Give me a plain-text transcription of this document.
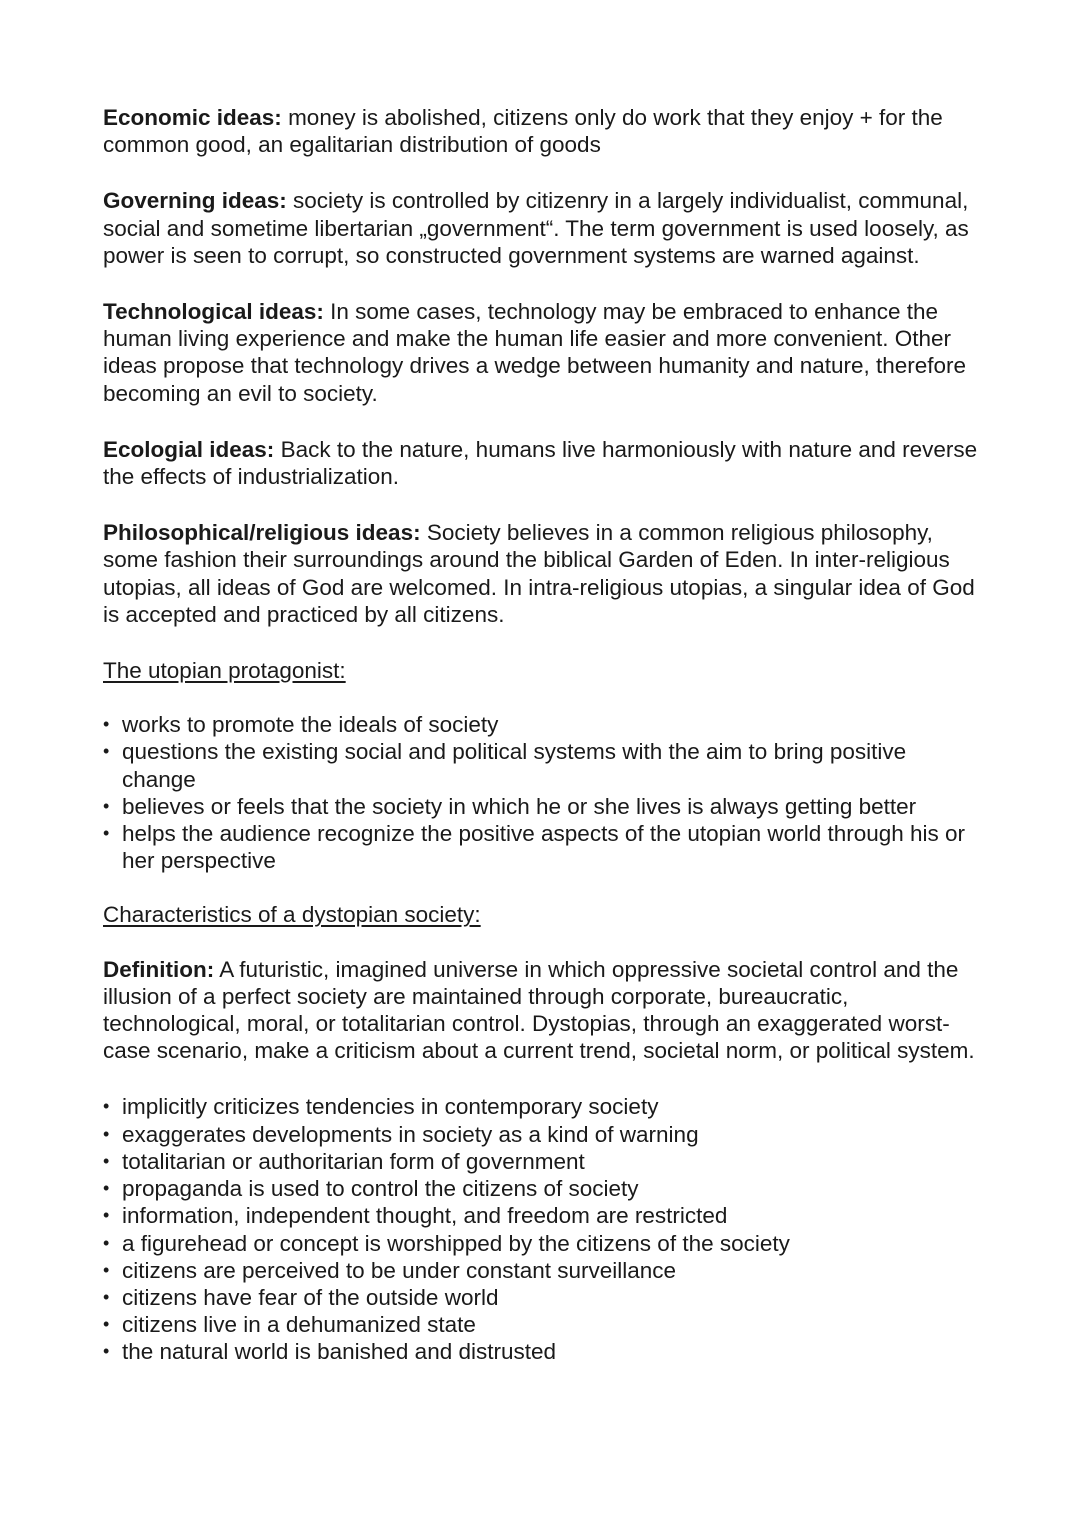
Economic ideas: money is abolished, citizens only do work that they enjoy + for the common good, an egalitarian distribution of goods

Governing ideas: society is controlled by citizenry in a largely individualist, communal, social and sometime libertarian „government“. The term government is used loosely, as power is seen to corrupt, so constructed government systems are warned against.

Technological ideas: In some cases, technology may be embraced to enhance the human living experience and make the human life easier and more convenient. Other ideas propose that technology drives a wedge between humanity and nature, therefore becoming an evil to society.

Ecologial ideas: Back to the nature, humans live harmoniously with nature and reverse the effects of industrialization.

Philosophical/religious ideas: Society believes in a common religious philosophy, some fashion their surroundings around the biblical Garden of Eden. In inter-religious utopias, all ideas of God are welcomed. In intra-religious utopias, a singular idea of God is accepted and practiced by all citizens.

The utopian protagonist:

• works to promote the ideals of society
• questions the existing social and political systems with the aim to bring positive change
• believes or feels that the society in which he or she lives is always getting better
• helps the audience recognize the positive aspects of the utopian world through his or her perspective

Characteristics of a dystopian society:

Definition: A futuristic, imagined universe in which oppressive societal control and the illusion of a perfect society are maintained through corporate, bureaucratic, technological, moral, or totalitarian control. Dystopias, through an exaggerated worst-case scenario, make a criticism about a current trend, societal norm, or political system.

• implicitly criticizes tendencies in contemporary society
• exaggerates developments in society as a kind of warning
• totalitarian or authoritarian form of government
• propaganda is used to control the citizens of society
• information, independent thought, and freedom are restricted
• a figurehead or concept is worshipped by the citizens of the society
• citizens are perceived to be under constant surveillance
• citizens have fear of the outside world
• citizens live in a dehumanized state
• the natural world is banished and distrusted
